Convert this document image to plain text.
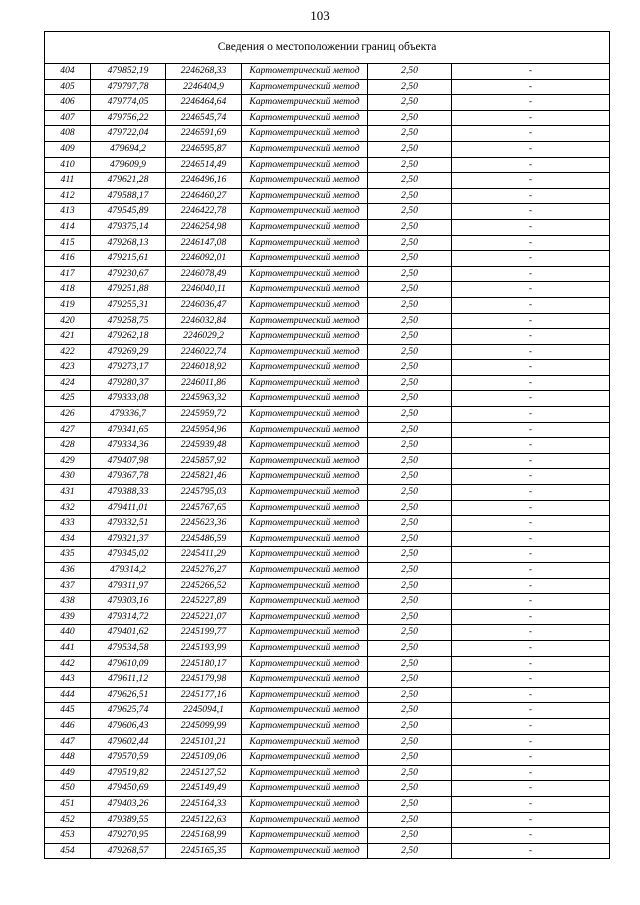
103
Сведения о местоположении границ объекта					
404	479852,19	2246268,33	Картометрический метод	2,50	-
405	479797,78	2246404,9	Картометрический метод	2,50	-
406	479774,05	2246464,64	Картометрический метод	2,50	-
407	479756,22	2246545,74	Картометрический метод	2,50	-
408	479722,04	2246591,69	Картометрический метод	2,50	-
409	479694,2	2246595,87	Картометрический метод	2,50	-
410	479609,9	2246514,49	Картометрический метод	2,50	-
411	479621,28	2246496,16	Картометрический метод	2,50	-
412	479588,17	2246460,27	Картометрический метод	2,50	-
413	479545,89	2246422,78	Картометрический метод	2,50	-
414	479375,14	2246254,98	Картометрический метод	2,50	-
415	479268,13	2246147,08	Картометрический метод	2,50	-
416	479215,61	2246092,01	Картометрический метод	2,50	-
417	479230,67	2246078,49	Картометрический метод	2,50	-
418	479251,88	2246040,11	Картометрический метод	2,50	-
419	479255,31	2246036,47	Картометрический метод	2,50	-
420	479258,75	2246032,84	Картометрический метод	2,50	-
421	479262,18	2246029,2	Картометрический метод	2,50	-
422	479269,29	2246022,74	Картометрический метод	2,50	-
423	479273,17	2246018,92	Картометрический метод	2,50	-
424	479280,37	2246011,86	Картометрический метод	2,50	-
425	479333,08	2245963,32	Картометрический метод	2,50	-
426	479336,7	2245959,72	Картометрический метод	2,50	-
427	479341,65	2245954,96	Картометрический метод	2,50	-
428	479334,36	2245939,48	Картометрический метод	2,50	-
429	479407,98	2245857,92	Картометрический метод	2,50	-
430	479367,78	2245821,46	Картометрический метод	2,50	-
431	479388,33	2245795,03	Картометрический метод	2,50	-
432	479411,01	2245767,65	Картометрический метод	2,50	-
433	479332,51	2245623,36	Картометрический метод	2,50	-
434	479321,37	2245486,59	Картометрический метод	2,50	-
435	479345,02	2245411,29	Картометрический метод	2,50	-
436	479314,2	2245276,27	Картометрический метод	2,50	-
437	479311,97	2245266,52	Картометрический метод	2,50	-
438	479303,16	2245227,89	Картометрический метод	2,50	-
439	479314,72	2245221,07	Картометрический метод	2,50	-
440	479401,62	2245199,77	Картометрический метод	2,50	-
441	479534,58	2245193,99	Картометрический метод	2,50	-
442	479610,09	2245180,17	Картометрический метод	2,50	-
443	479611,12	2245179,98	Картометрический метод	2,50	-
444	479626,51	2245177,16	Картометрический метод	2,50	-
445	479625,74	2245094,1	Картометрический метод	2,50	-
446	479606,43	2245099,99	Картометрический метод	2,50	-
447	479602,44	2245101,21	Картометрический метод	2,50	-
448	479570,59	2245109,06	Картометрический метод	2,50	-
449	479519,82	2245127,52	Картометрический метод	2,50	-
450	479450,69	2245149,49	Картометрический метод	2,50	-
451	479403,26	2245164,33	Картометрический метод	2,50	-
452	479389,55	2245122,63	Картометрический метод	2,50	-
453	479270,95	2245168,99	Картометрический метод	2,50	-
454	479268,57	2245165,35	Картометрический метод	2,50	-
